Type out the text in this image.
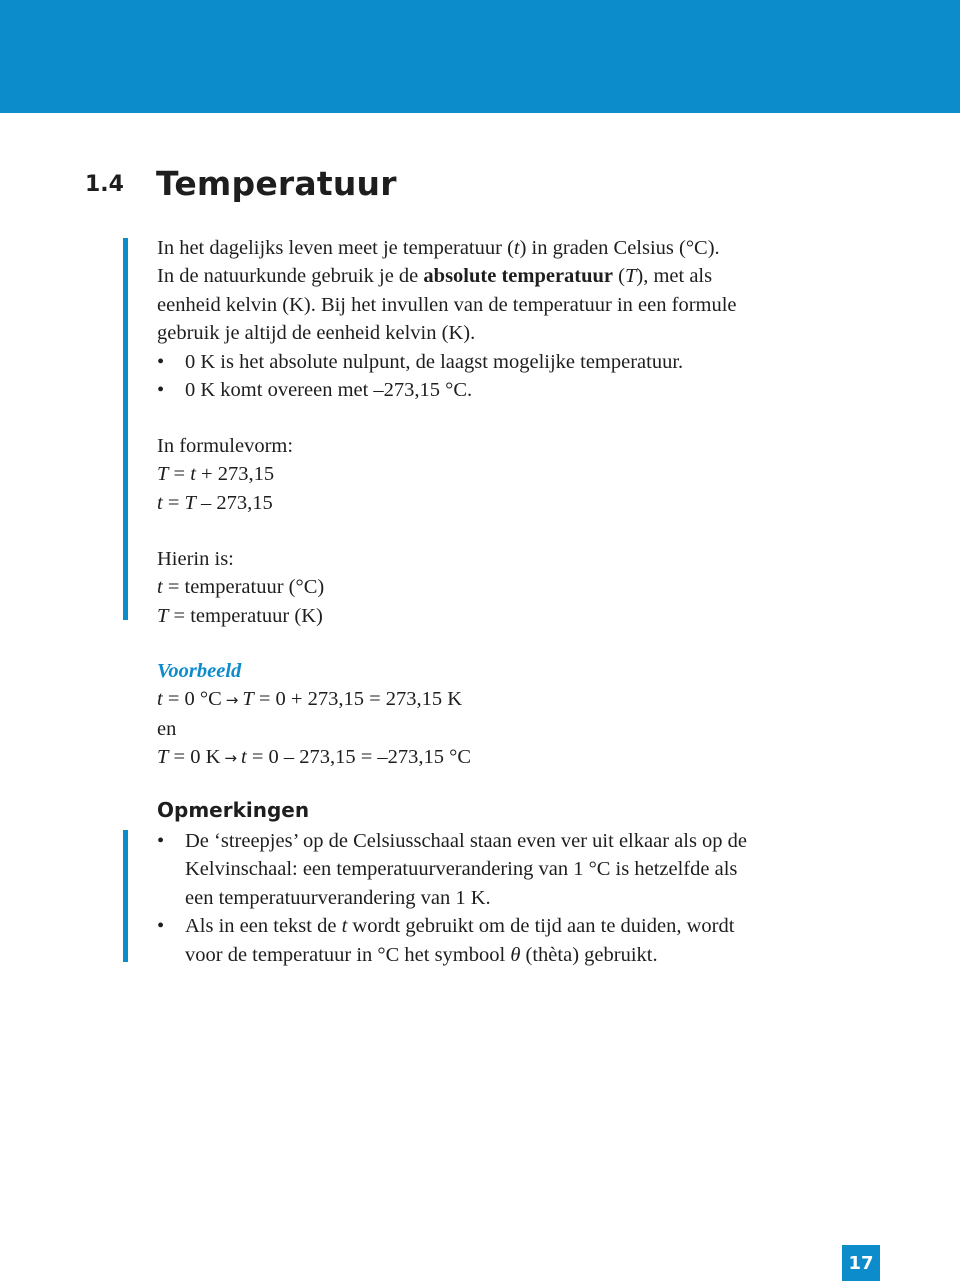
1.4 Temperatuur

In het dagelijks leven meet je temperatuur (t) in graden Celsius (°C).

In de natuurkunde gebruik je de absolute temperatuur (T), met als

eenheid kelvin (K). Bij het invullen van de temperatuur in een formule

gebruik je altijd de eenheid kelvin (K).

• 0 K is het absolute nulpunt, de laagst mogelijke temperatuur.
• 0 K komt overeen met –273,15 °C.

In formulevorm:

T = t + 273,15

t = T – 273,15

Hierin is:

t = temperatuur (°C)

T = temperatuur (K)

Voorbeeld

t = 0 °C → T = 0 + 273,15 = 273,15 K

en

T = 0 K → t = 0 – 273,15 = –273,15 °C

Opmerkingen
• De ‘streepjes’ op de Celsiusschaal staan even ver uit elkaar als op de
Kelvinschaal: een temperatuurverandering van 1 °C is hetzelfde als
een temperatuurverandering van 1 K.
• Als in een tekst de t wordt gebruikt om de tijd aan te duiden, wordt
voor de temperatuur in °C het symbool θ (thèta) gebruikt.
17
